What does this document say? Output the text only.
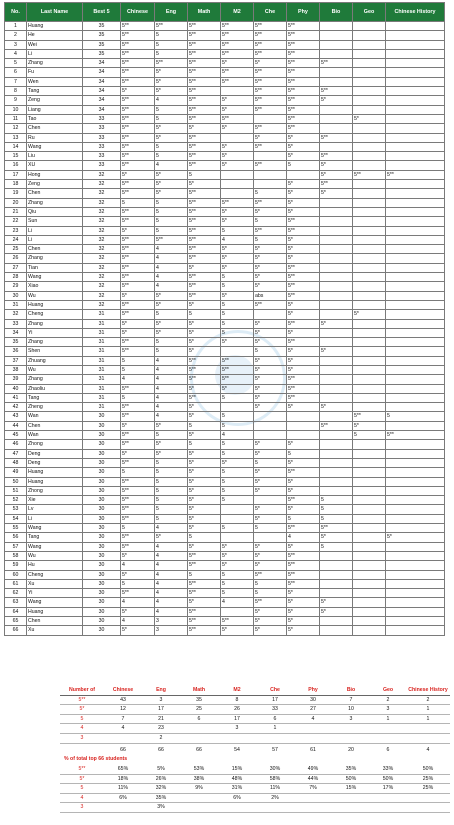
No.	Last Name	Best 5	Chinese	Eng	Math	M2	Che	Phy	Bio	Geo	Chinese History
1	Huang	35	5**	5**	5**	5**	5**	5**			
2	He	35	5**	5	5**	5**	5**	5**			
3	Wei	35	5**	5	5**	5**	5**	5**			
4	Li	35	5**	5	5**	5**	5**	5**			
5	Zhang	34	5**	5**	5**	5*	5*	5**	5**		
6	Fu	34	5**	5*	5**	5**	5**	5**			
7	Wen	34	5**	5*	5**	5**	5**	5**			
8	Tang	34	5*	5*	5**		5**	5**	5**		
9	Zeng	34	5**	4	5**	5*	5**	5**	5*		
10	Liang	34	5**	5	5**	5*	5**	5**			
11	Tao	33	5**	5	5**	5**		5**		5*	
12	Chen	33	5**	5*	5*	5*	5**	5**			
13	Ru	33	5**	5*	5**		5*	5*	5**		
14	Wang	33	5**	5	5**	5*	5**	5*			
15	Liu	33	5**	5	5**	5*		5*	5**		
16	XU	33	5**	4	5**	5*	5**	5	5*		
17	Hong	32	5*	5*	5				5*	5**	5**
18	Zeng	32	5**	5*	5*			5*	5**		
19	Chen	32	5**	5*	5**		5	5*	5*		
20	Zhang	32	5	5	5**	5**	5**	5*			
21	Qiu	32	5**	5	5**	5*	5*	5*			
22	Sun	32	5**	5	5**	5*	5	5**			
23	Li	32	5*	5	5**	5	5**	5**			
24	Li	32	5**	5**	5**	4	5	5*			
25	Chen	32	5**	4	5**	5*	5*	5*			
26	Zhang	32	5**	4	5**	5*	5*	5*			
27	Tian	32	5**	4	5*	5*	5*	5**			
28	Wang	32	5**	4	5**	5	5*	5**			
29	Xiao	32	5**	4	5**	5	5*	5**			
30	Wu	32	5*	5*	5**	5*	abs	5**			
31	Huang	32	5**	5*	5*	5	5**	5*			
32	Cheng	31	5**	5	5	5		5*		5*	
33	Zhang	31	5*	5*	5*	5	5*	5**	5*		
34	Yi	31	5*	5*	5*	5	5*	5*			
35	Zhang	31	5**	5	5*	5*	5*	5**			
36	Shen	31	5**	5	5*		5	5*	5*		
37	Zhuang	31	5	4	5**	5**	5*	5*			
38	Wu	31	5	4	5**	5**	5*	5*			
39	Zhang	31	4	4	5**	5**	5*	5**			
40	Zhaoliu	31	5**	4	5*	5*	5*	5**			
41	Tang	31	5	4	5**	5	5*	5**			
42	Zheng	31	5**	4	5*		5*	5*	5*		
43	Wan	30	5**	4	5*	5				5**	5
44	Chen	30	5*	5*	5	5			5**	5*	
45	Wan	30	5**	5	5*	4				5	5**
46	Zhong	30	5**	5*	5	5	5*	5*			
47	Deng	30	5*	5*	5*	5	5*	5			
48	Deng	30	5**	5	5*	5*	5	5*			
49	Huang	30	5	5	5*	5	5*	5**			
50	Huang	30	5**	5	5*	5	5*	5*			
51	Zhong	30	5**	5	5*	5	5*	5*			
52	Xie	30	5**	5	5*	5		5**	5		
53	Lv	30	5**	5	5*		5*	5*	5		
54	Li	30	5**	5	5*		5*	5	5		
55	Wang	30	5	4	5*	5	5	5**	5**		
56	Tang	30	5**	5*	5			4	5*		5*
57	Wang	30	5**	4	5*	5*	5*	5*	5		
58	Wu	30	5*	4	5**	5*	5*	5**			
59	Hu	30	4	4	5**	5*	5*	5**			
60	Cheng	30	5*	4	5	5	5**	5**			
61	Xu	30	5	4	5**	5	5	5**			
62	Yi	30	5**	4	5**	5	5	5*			
63	Wang	30	4	4	5*	4	5**	5*	5*		
64	Huang	30	5*	4	5**		5*	5*	5*		
65	Chen	30	4	3	5**	5**	5*	5*			
66	Xu	30	5*	3	5**	5*	5*	5*			
Number of	Chinese	Eng	Math	M2	Che	Phy	Bio	Geo	Chinese History
5**	43	3	35	8	17	30	7	2	2
5*	12	17	25	26	33	27	10	3	1
5	7	21	6	17	6	4	3	1	1
4	4	23		3	1				
3		2							
	66	66	66	54	57	61	20	6	4
% of total top 66 students
5**	65%	5%	53%	15%	30%	49%	35%	33%	50%
5*	18%	26%	38%	48%	58%	44%	50%	50%	25%
5	11%	32%	9%	31%	11%	7%	15%	17%	25%
4	6%	35%		6%	2%				
3		3%							
